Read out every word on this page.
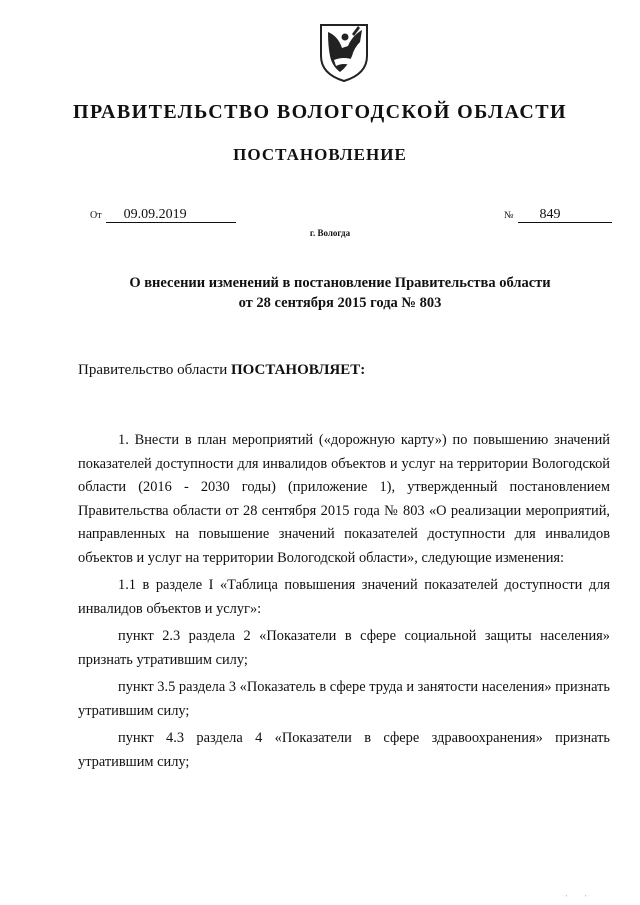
ПРАВИТЕЛЬСТВО ВОЛОГОДСКОЙ ОБЛАСТИ
ПОСТАНОВЛЕНИЕ
От 09.09.2019	№ 849
г. Вологда
О внесении изменений в постановление Правительства области
от 28 сентября 2015 года № 803
Правительство области ПОСТАНОВЛЯЕТ:

1. Внести в план мероприятий («дорожную карту») по повышению значений показателей доступности для инвалидов объектов и услуг на территории Вологодской области (2016 - 2030 годы) (приложение 1), утвержденный постановлением Правительства области от 28 сентября 2015 года № 803 «О реализации мероприятий, направленных на повышение значений показателей доступности для инвалидов объектов и услуг на территории Вологодской области», следующие изменения:

1.1 в разделе I «Таблица повышения значений показателей доступности для инвалидов объектов и услуг»:

пункт 2.3 раздела 2 «Показатели в сфере социальной защиты населения» признать утратившим силу;

пункт 3.5 раздела 3 «Показатель в сфере труда и занятости населения» признать утратившим силу;

пункт 4.3 раздела 4 «Показатели в сфере здравоохранения» признать утратившим силу;

' '
